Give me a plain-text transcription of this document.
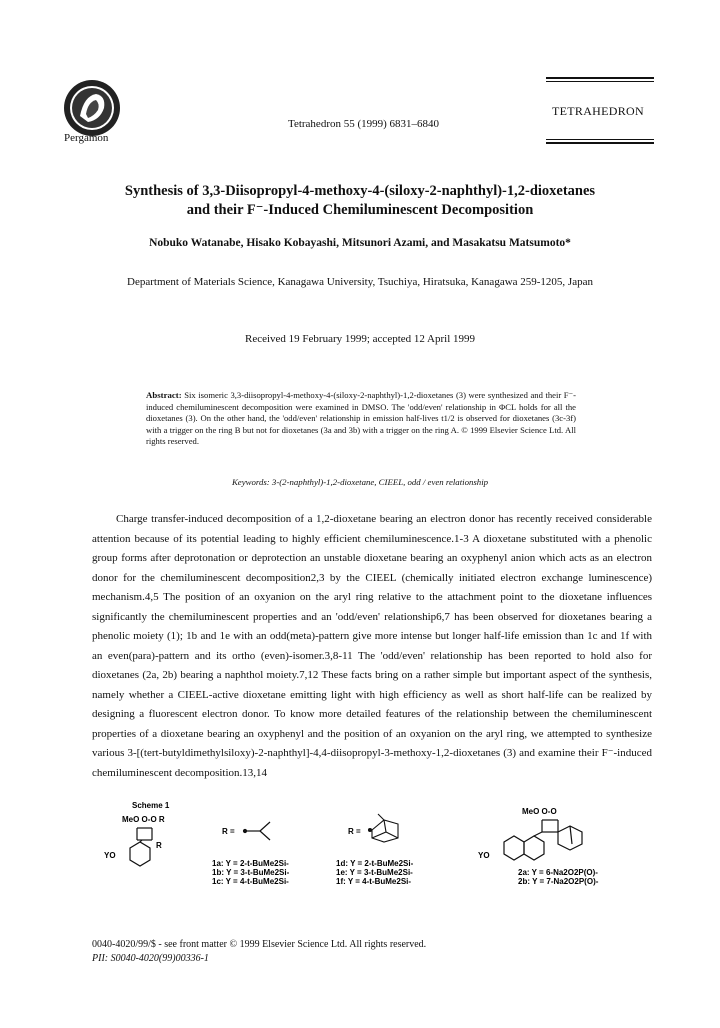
Pergamon
Tetrahedron 55 (1999) 6831–6840
TETRAHEDRON
Synthesis of 3,3-Diisopropyl-4-methoxy-4-(siloxy-2-naphthyl)-1,2-dioxetanes
and their F⁻-Induced Chemiluminescent Decomposition
Nobuko Watanabe, Hisako Kobayashi, Mitsunori Azami, and Masakatsu Matsumoto*
Department of Materials Science, Kanagawa University, Tsuchiya, Hiratsuka, Kanagawa 259-1205, Japan
Received 19 February 1999; accepted 12 April 1999
Abstract: Six isomeric 3,3-diisopropyl-4-methoxy-4-(siloxy-2-naphthyl)-1,2-dioxetanes (3) were synthesized and their F⁻-induced chemiluminescent decomposition were examined in DMSO. The 'odd/even' relationship in ΦCL holds for all the dioxetanes (3). On the other hand, the 'odd/even' relationship in emission half-lives t1/2 is observed for dioxetanes (3c-3f) with a trigger on the ring B but not for dioxetanes (3a and 3b) with a trigger on the ring A. © 1999 Elsevier Science Ltd. All rights reserved.
Keywords: 3-(2-naphthyl)-1,2-dioxetane, CIEEL, odd / even relationship

Charge transfer-induced decomposition of a 1,2-dioxetane bearing an electron donor has recently received considerable attention because of its potential leading to highly efficient chemiluminescence.1-3 A dioxetane substituted with a phenolic group forms after deprotonation or deprotection an unstable dioxetane bearing an oxyphenyl anion which acts as an electron donor for the chemiluminescent decomposition2,3 by the CIEEL (chemically initiated electron exchange luminescence) mechanism.4,5 The position of an oxyanion on the aryl ring relative to the attachment point to the dioxetane influences significantly the chemiluminescent properties and an 'odd/even' relationship6,7 has been observed for dioxetanes bearing a phenolic moiety (1); 1b and 1e with an odd(meta)-pattern give more intense but longer half-life emission than 1c and 1f with an even(para)-pattern and its ortho (even)-isomer.3,8-11 The 'odd/even' relationship has been reported to hold also for dioxetanes (2a, 2b) bearing a naphthol moiety.7,12 These facts bring on a rather simple but important aspect of the synthesis, namely whether a CIEEL-active dioxetane emitting light with high efficiency as well as short half-life can be realized by designing a fluorescent electron donor. To know more detailed features of the relationship between the chemiluminescent properties of a dioxetane bearing an oxyphenyl and the position of an oxyanion on the aryl ring, we attempted to synthesize various 3-[(tert-butyldimethylsiloxy)-2-naphthyl]-4,4-diisopropyl-3-methoxy-1,2-dioxetanes (3) and examine their F⁻-induced chemiluminescent decomposition.13,14

Scheme 1
MeO O-O R
R
YO
R =	R =
MeO O-O
YO
1a: Y = 2-t-BuMe2Si-
1b: Y = 3-t-BuMe2Si-
1c: Y = 4-t-BuMe2Si-
1d: Y = 2-t-BuMe2Si-
1e: Y = 3-t-BuMe2Si-
1f: Y = 4-t-BuMe2Si-
2a: Y = 6-Na2O2P(O)-
2b: Y = 7-Na2O2P(O)-
0040-4020/99/$ - see front matter © 1999 Elsevier Science Ltd. All rights reserved.
PII: S0040-4020(99)00336-1
